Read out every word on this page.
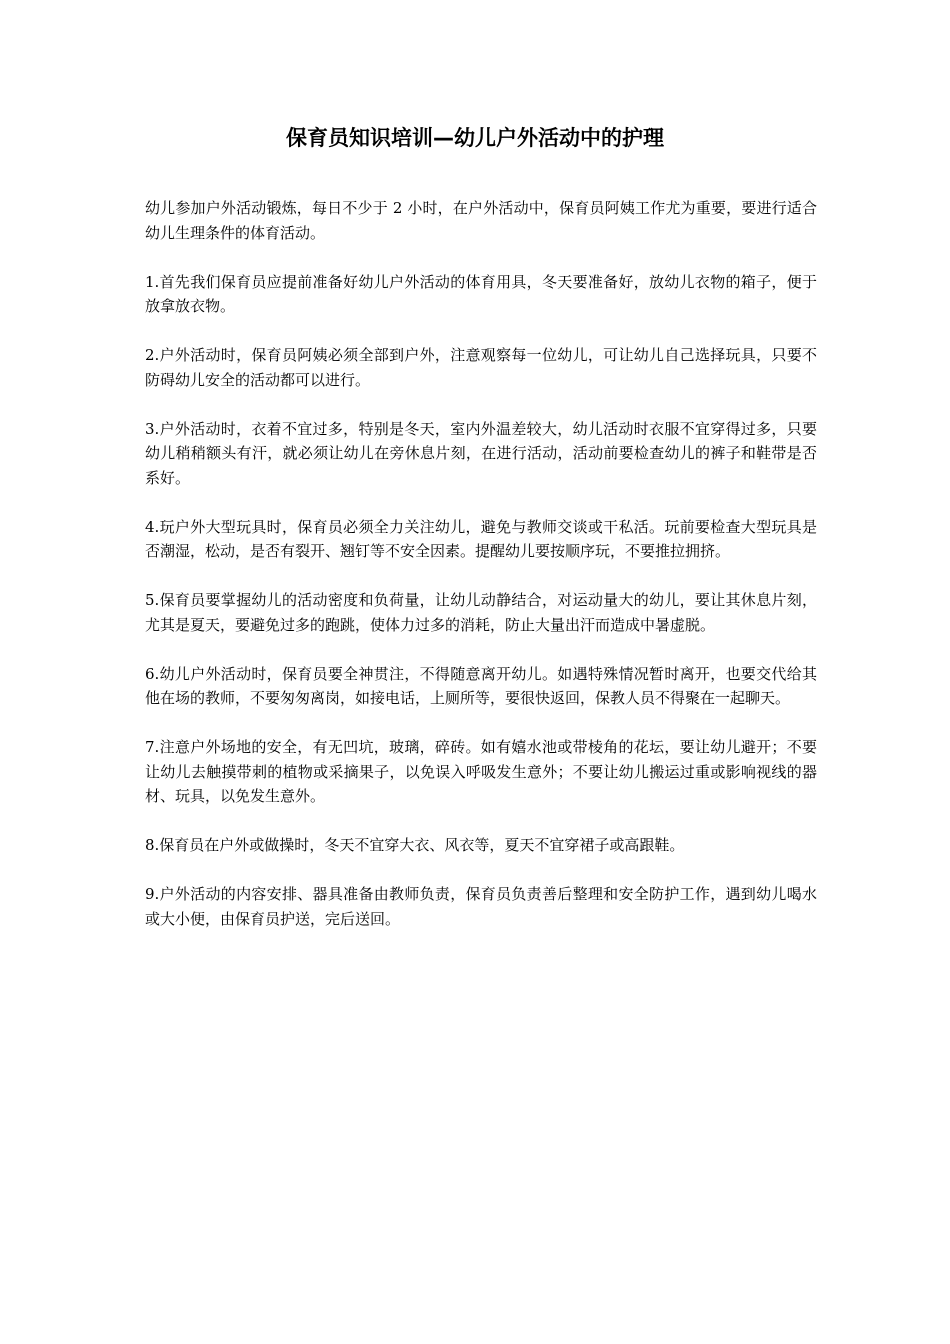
保育员知识培训—幼儿户外活动中的护理

幼儿参加户外活动锻炼，每日不少于 2 小时，在户外活动中，保育员阿姨工作尤为重要，要进行适合幼儿生理条件的体育活动。

1.首先我们保育员应提前准备好幼儿户外活动的体育用具，冬天要准备好，放幼儿衣物的箱子，便于放拿放衣物。

2.户外活动时，保育员阿姨必须全部到户外，注意观察每一位幼儿，可让幼儿自己选择玩具，只要不防碍幼儿安全的活动都可以进行。

3.户外活动时，衣着不宜过多，特别是冬天，室内外温差较大，幼儿活动时衣服不宜穿得过多，只要幼儿稍稍额头有汗，就必须让幼儿在旁休息片刻，在进行活动，活动前要检查幼儿的裤子和鞋带是否系好。

4.玩户外大型玩具时，保育员必须全力关注幼儿，避免与教师交谈或干私活。玩前要检查大型玩具是否潮湿，松动，是否有裂开、翘钉等不安全因素。提醒幼儿要按顺序玩，不要推拉拥挤。

5.保育员要掌握幼儿的活动密度和负荷量，让幼儿动静结合，对运动量大的幼儿，要让其休息片刻，尤其是夏天，要避免过多的跑跳，使体力过多的消耗，防止大量出汗而造成中暑虚脱。

6.幼儿户外活动时，保育员要全神贯注，不得随意离开幼儿。如遇特殊情况暂时离开，也要交代给其他在场的教师，不要匆匆离岗，如接电话，上厕所等，要很快返回，保教人员不得聚在一起聊天。

7.注意户外场地的安全，有无凹坑，玻璃，碎砖。如有嬉水池或带棱角的花坛，要让幼儿避开；不要让幼儿去触摸带刺的植物或采摘果子，以免误入呼吸发生意外；不要让幼儿搬运过重或影响视线的器材、玩具，以免发生意外。

8.保育员在户外或做操时，冬天不宜穿大衣、风衣等，夏天不宜穿裙子或高跟鞋。

9.户外活动的内容安排、器具准备由教师负责，保育员负责善后整理和安全防护工作，遇到幼儿喝水或大小便，由保育员护送，完后送回。
